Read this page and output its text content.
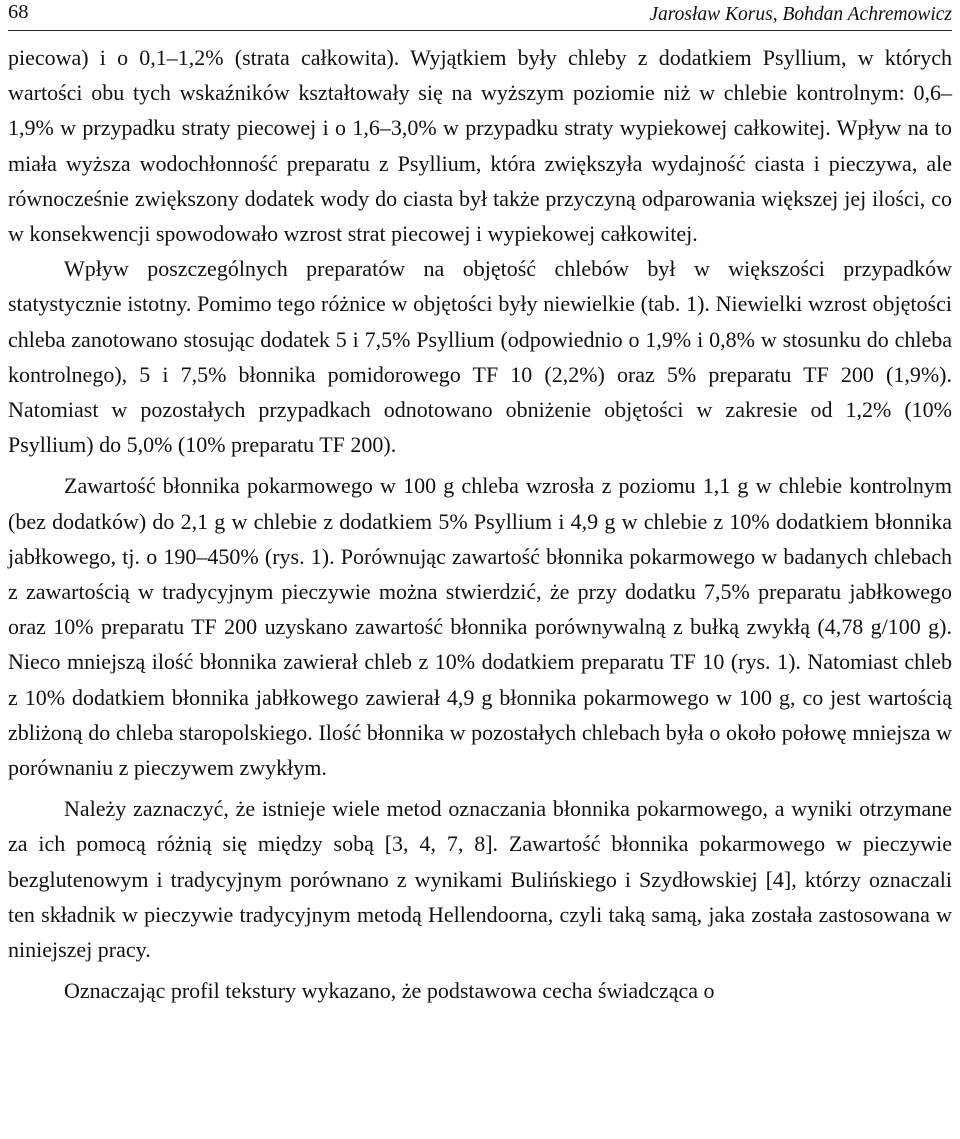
68	Jarosław Korus, Bohdan Achremowicz

piecowa) i o 0,1–1,2% (strata całkowita). Wyjątkiem były chleby z dodatkiem Psyllium, w których wartości obu tych wskaźników kształtowały się na wyższym poziomie niż w chlebie kontrolnym: 0,6–1,9% w przypadku straty piecowej i o 1,6–3,0% w przypadku straty wypiekowej całkowitej. Wpływ na to miała wyższa wodochłonność preparatu z Psyllium, która zwiększyła wydajność ciasta i pieczywa, ale równocześnie zwiększony dodatek wody do ciasta był także przyczyną odparowania większej jej ilości, co w konsekwencji spowodowało wzrost strat piecowej i wypiekowej całkowitej.

Wpływ poszczególnych preparatów na objętość chlebów był w większości przypadków statystycznie istotny. Pomimo tego różnice w objętości były niewielkie (tab. 1). Niewielki wzrost objętości chleba zanotowano stosując dodatek 5 i 7,5% Psyllium (odpowiednio o 1,9% i 0,8% w stosunku do chleba kontrolnego), 5 i 7,5% błonnika pomidorowego TF 10 (2,2%) oraz 5% preparatu TF 200 (1,9%). Natomiast w pozostałych przypadkach odnotowano obniżenie objętości w zakresie od 1,2% (10% Psyllium) do 5,0% (10% preparatu TF 200).

Zawartość błonnika pokarmowego w 100 g chleba wzrosła z poziomu 1,1 g w chlebie kontrolnym (bez dodatków) do 2,1 g w chlebie z dodatkiem 5% Psyllium i 4,9 g w chlebie z 10% dodatkiem błonnika jabłkowego, tj. o 190–450% (rys. 1). Porównując zawartość błonnika pokarmowego w badanych chlebach z zawartością w tradycyjnym pieczywie można stwierdzić, że przy dodatku 7,5% preparatu jabłkowego oraz 10% preparatu TF 200 uzyskano zawartość błonnika porównywalną z bułką zwykłą (4,78 g/100 g). Nieco mniejszą ilość błonnika zawierał chleb z 10% dodatkiem preparatu TF 10 (rys. 1). Natomiast chleb z 10% dodatkiem błonnika jabłkowego zawierał 4,9 g błonnika pokarmowego w 100 g, co jest wartością zbliżoną do chleba staropolskiego. Ilość błonnika w pozostałych chlebach była o około połowę mniejsza w porównaniu z pieczywem zwykłym.

Należy zaznaczyć, że istnieje wiele metod oznaczania błonnika pokarmowego, a wyniki otrzymane za ich pomocą różnią się między sobą [3, 4, 7, 8]. Zawartość błonnika pokarmowego w pieczywie bezglutenowym i tradycyjnym porównano z wynikami Bulińskiego i Szydłowskiej [4], którzy oznaczali ten składnik w pieczywie tradycyjnym metodą Hellendoorna, czyli taką samą, jaka została zastosowana w niniejszej pracy.

Oznaczając profil tekstury wykazano, że podstawowa cecha świadcząca o
